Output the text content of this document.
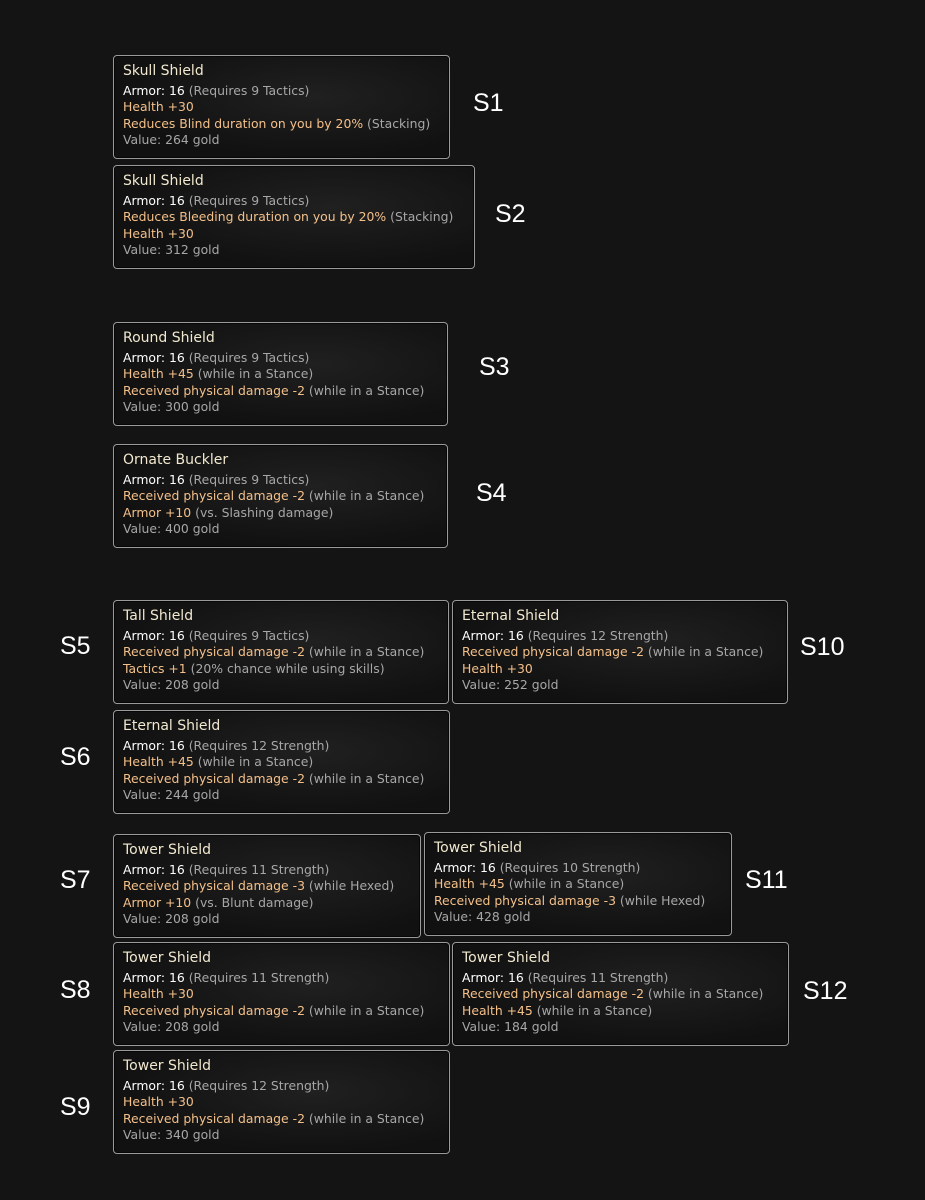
Skull Shield
Armor: 16 (Requires 9 Tactics)
Health +30
Reduces Blind duration on you by 20% (Stacking)
Value: 264 gold
Skull Shield
Armor: 16 (Requires 9 Tactics)
Reduces Bleeding duration on you by 20% (Stacking)
Health +30
Value: 312 gold
Round Shield
Armor: 16 (Requires 9 Tactics)
Health +45 (while in a Stance)
Received physical damage -2 (while in a Stance)
Value: 300 gold
Ornate Buckler
Armor: 16 (Requires 9 Tactics)
Received physical damage -2 (while in a Stance)
Armor +10 (vs. Slashing damage)
Value: 400 gold
Tall Shield
Armor: 16 (Requires 9 Tactics)
Received physical damage -2 (while in a Stance)
Tactics +1 (20% chance while using skills)
Value: 208 gold
Eternal Shield
Armor: 16 (Requires 12 Strength)
Received physical damage -2 (while in a Stance)
Health +30
Value: 252 gold
Eternal Shield
Armor: 16 (Requires 12 Strength)
Health +45 (while in a Stance)
Received physical damage -2 (while in a Stance)
Value: 244 gold
Tower Shield
Armor: 16 (Requires 11 Strength)
Received physical damage -3 (while Hexed)
Armor +10 (vs. Blunt damage)
Value: 208 gold
Tower Shield
Armor: 16 (Requires 10 Strength)
Health +45 (while in a Stance)
Received physical damage -3 (while Hexed)
Value: 428 gold
Tower Shield
Armor: 16 (Requires 11 Strength)
Health +30
Received physical damage -2 (while in a Stance)
Value: 208 gold
Tower Shield
Armor: 16 (Requires 11 Strength)
Received physical damage -2 (while in a Stance)
Health +45 (while in a Stance)
Value: 184 gold
Tower Shield
Armor: 16 (Requires 12 Strength)
Health +30
Received physical damage -2 (while in a Stance)
Value: 340 gold
S1
S2
S3
S4
S5	S10
S6
S7	S11
S8	S12
S9
